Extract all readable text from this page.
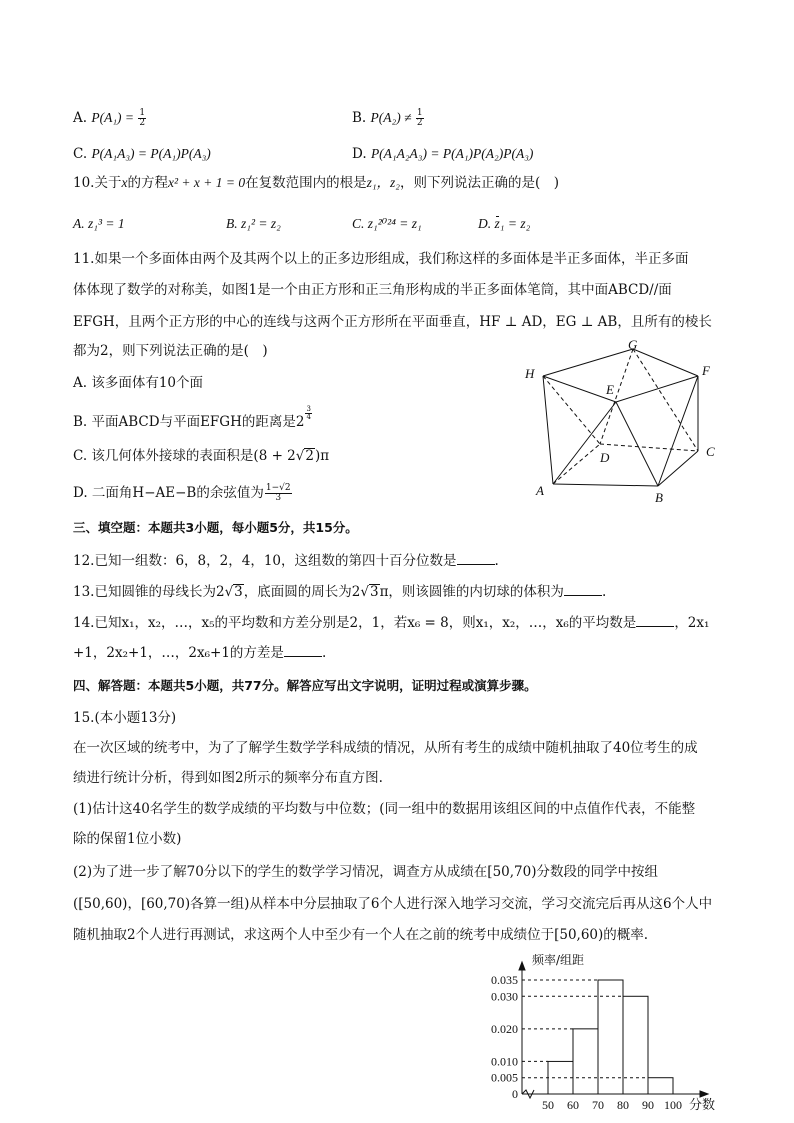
A. $P(A_1) = \frac{1}{2}$	B. $P(A_2) \ne \frac{1}{2}$
C. P(A₁A₃) = P(A₁)P(A₃)	D. P(A₁A₂A₃) = P(A₁)P(A₂)P(A₃)
10.关于x的方程x² + x + 1 = 0在复数范围内的根是z₁，z₂，则下列说法正确的是(　)
A. z₁³ = 1	B. z₁² = z₂	C. z₁²⁰²⁴ = z₁	D. z₁ = z₂
11.如果一个多面体由两个及其两个以上的正多边形组成，我们称这样的多面体是半正多面体，半正多面
体体现了数学的对称美，如图1是一个由正方形和正三角形构成的半正多面体笔筒，其中面ABCD//面
EFGH，且两个正方形的中心的连线与这两个正方形所在平面垂直，HF ⊥ AD，EG ⊥ AB，且所有的棱长
都为2，则下列说法正确的是(　)
A. 该多面体有10个面
B. 平面ABCD与平面EFGH的距离是2
$\frac{3}{4}$
C. 该几何体外接球的表面积是(8 + 2√2)π
D. 二面角H−AE−B的余弦值为 $\frac{1-√2}{3}$
G
H
E
F
D	C
A	B
三、填空题：本题共3小题，每小题5分，共15分。
12.已知一组数：6，8，2，4，10，这组数的第四十百分位数是	.
13.已知圆锥的母线长为2√3，底面圆的周长为2√3π，则该圆锥的内切球的体积为	.
14.已知x₁，x₂，…，x₅的平均数和方差分别是2，1，若x₆ = 8，则x₁，x₂，…，x₆的平均数是	，2x₁
+1，2x₂+1，…，2x₆+1的方差是	.
四、解答题：本题共5小题，共77分。解答应写出文字说明，证明过程或演算步骤。
15.(本小题13分)
在一次区域的统考中，为了了解学生数学学科成绩的情况，从所有考生的成绩中随机抽取了40位考生的成
绩进行统计分析，得到如图2所示的频率分布直方图.
(1)估计这40名学生的数学成绩的平均数与中位数；(同一组中的数据用该组区间的中点值作代表，不能整
除的保留1位小数)
(2)为了进一步了解70分以下的学生的数学学习情况，调查方从成绩在[50,70)分数段的同学中按组
([50,60)，[60,70)各算一组)从样本中分层抽取了6个人进行深入地学习交流，学习交流完后再从这6个人中
随机抽取2个人进行再测试，求这两个人中至少有一个人在之前的统考中成绩位于[50,60)的概率.
0
0.005
0.010
0.020
0.030
0.035
50 60 70 80 90 100
频率/组距
分数
